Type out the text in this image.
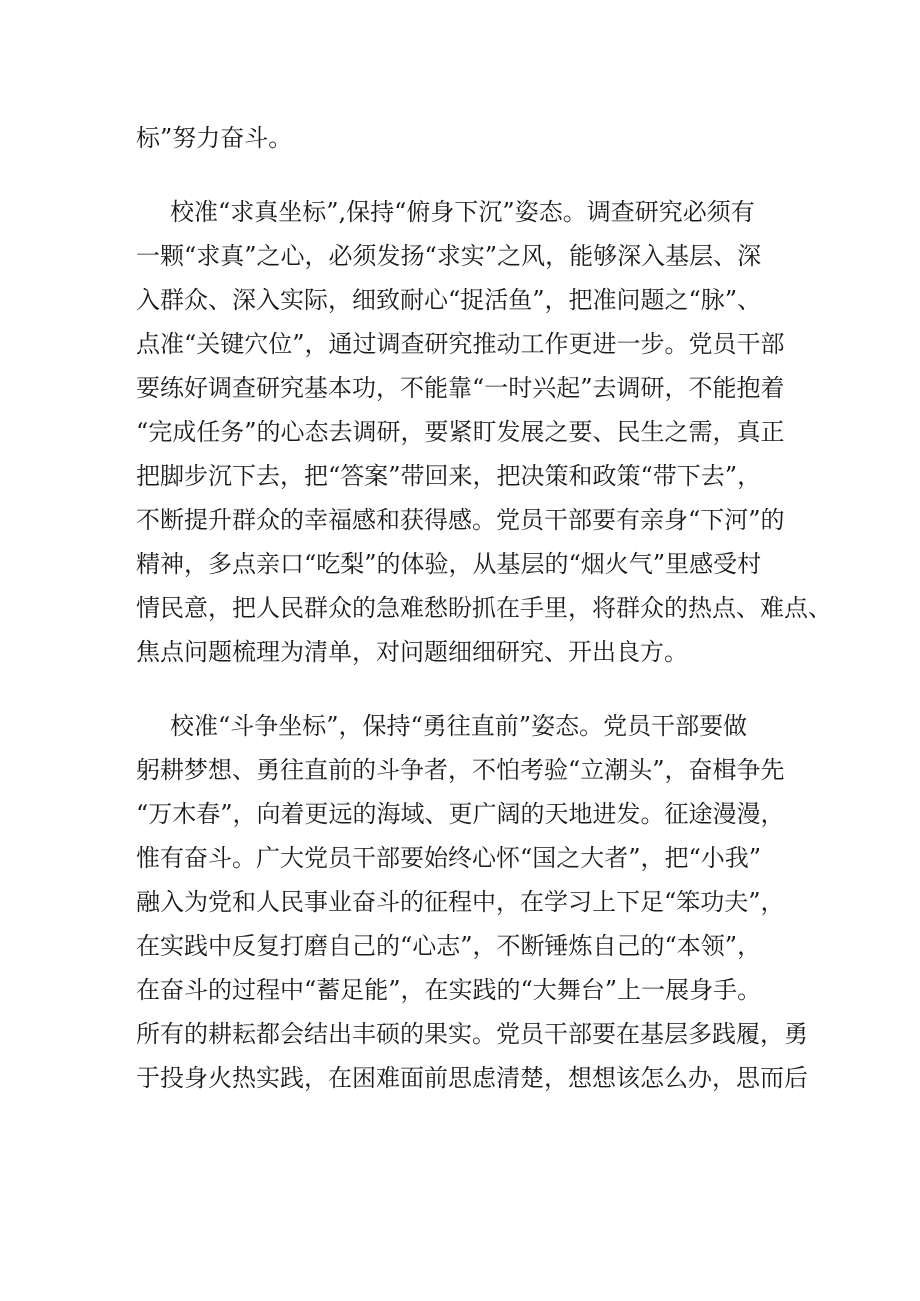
标”努力奋斗。
校准“求真坐标”,保持“俯身下沉”姿态。调查研究必须有
一颗“求真”之心，必须发扬“求实”之风，能够深入基层、深
入群众、深入实际，细致耐心“捉活鱼”，把准问题之“脉”、
点准“关键穴位”，通过调查研究推动工作更进一步。党员干部
要练好调查研究基本功，不能靠“一时兴起”去调研，不能抱着
“完成任务”的心态去调研，要紧盯发展之要、民生之需，真正
把脚步沉下去，把“答案”带回来，把决策和政策“带下去”，
不断提升群众的幸福感和获得感。党员干部要有亲身“下河”的
精神，多点亲口“吃梨”的体验，从基层的“烟火气”里感受村
情民意，把人民群众的急难愁盼抓在手里，将群众的热点、难点、
焦点问题梳理为清单，对问题细细研究、开出良方。
校准“斗争坐标”，保持“勇往直前”姿态。党员干部要做
躬耕梦想、勇往直前的斗争者，不怕考验“立潮头”，奋楫争先
“万木春”，向着更远的海域、更广阔的天地进发。征途漫漫，
惟有奋斗。广大党员干部要始终心怀“国之大者”，把“小我”
融入为党和人民事业奋斗的征程中，在学习上下足“笨功夫”，
在实践中反复打磨自己的“心志”，不断锤炼自己的“本领”，
在奋斗的过程中“蓄足能”，在实践的“大舞台”上一展身手。
所有的耕耘都会结出丰硕的果实。党员干部要在基层多践履，勇
于投身火热实践，在困难面前思虑清楚，想想该怎么办，思而后
